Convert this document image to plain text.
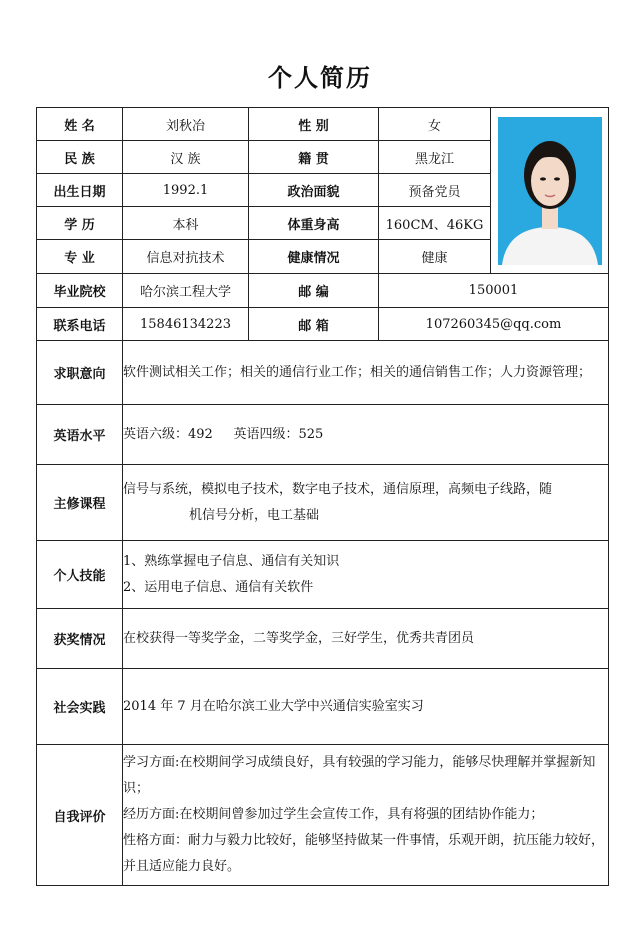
个人简历
姓 名	刘秋冶	性 别	女	

民 族	汉 族	籍 贯	黑龙江	
出生日期	1992.1	政治面貌	预备党员	
学 历	本科	体重身高	160CM、46KG	
专 业	信息对抗技术	健康情况	健康	
毕业院校	哈尔滨工程大学	邮 编	150001	
联系电话	15846134223	邮 箱	107260345@qq.com	
求职意向	软件测试相关工作；相关的通信行业工作；相关的通信销售工作；人力资源管理；			
英语水平	英语六级：492     英语四级：525			
主修课程	信号与系统，模拟电子技术，数字电子技术，通信原理，高频电子线路，随
机信号分析，电工基础			

个人技能	1、熟练掌握电子信息、通信有关知识
2、运用电子信息、通信有关软件			

获奖情况	在校获得一等奖学金，二等奖学金，三好学生，优秀共青团员			
社会实践	2014 年 7 月在哈尔滨工业大学中兴通信实验室实习			
自我评价	学习方面:在校期间学习成绩良好，具有较强的学习能力，能够尽快理解并掌握新知识；
经历方面:在校期间曾参加过学生会宣传工作，具有将强的团结协作能力；
性格方面：耐力与毅力比较好，能够坚持做某一件事情，乐观开朗，抗压能力较好，并且适应能力良好。			
